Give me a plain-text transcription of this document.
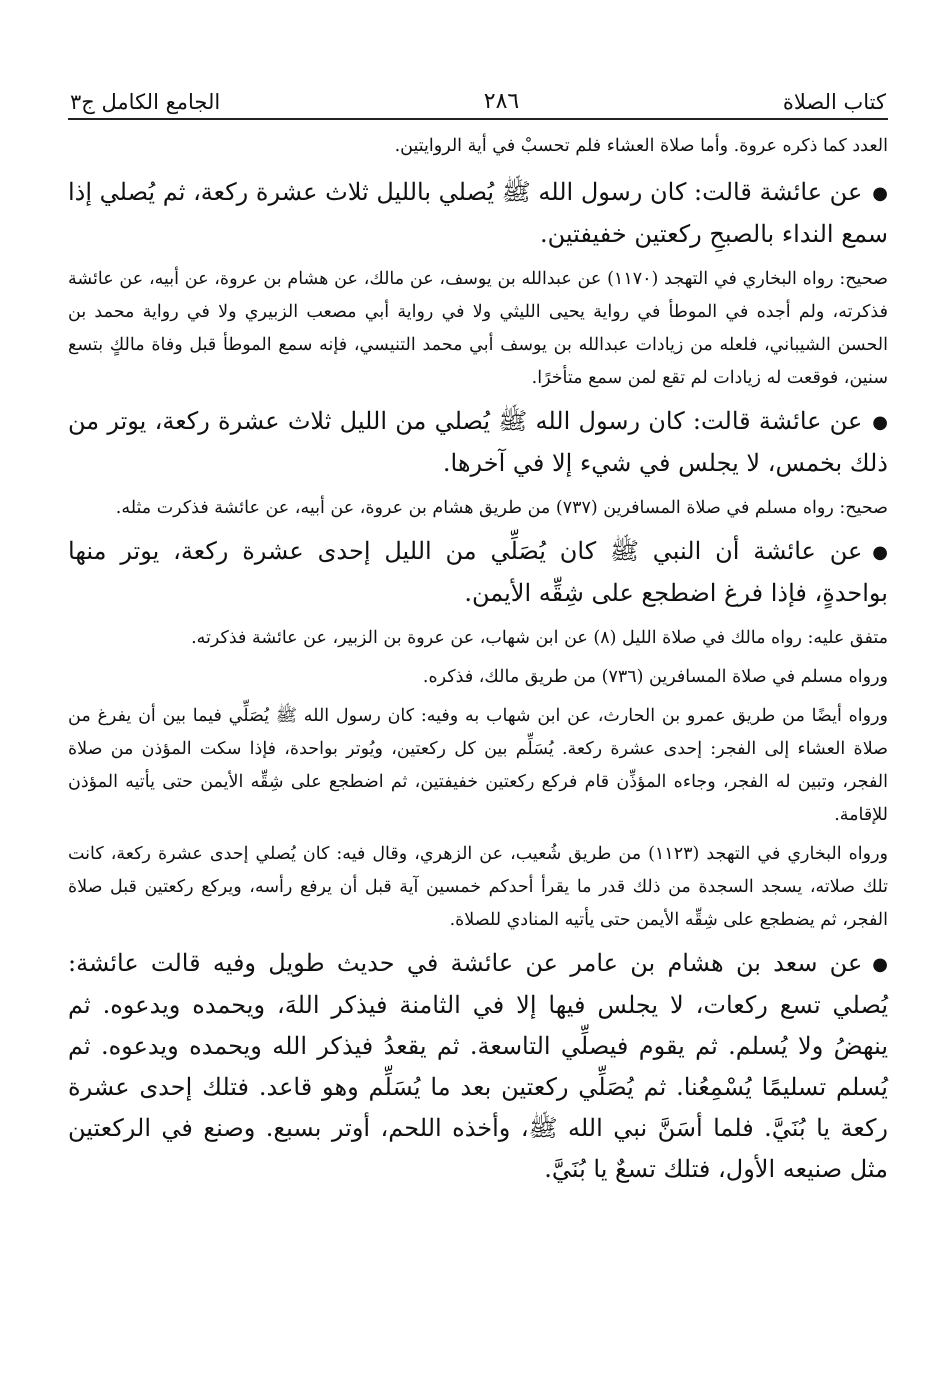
كتاب الصلاة
٢٨٦
الجامع الكامل ج٣

العدد كما ذكره عروة. وأما صلاة العشاء فلم تحسبْ في أية الروايتين.

●عن عائشة قالت: كان رسول الله ﷺ يُصلي بالليل ثلاث عشرة ركعة، ثم يُصلي إذا سمع النداء بالصبحِ ركعتين خفيفتين.

صحيح: رواه البخاري في التهجد (١١٧٠) عن عبدالله بن يوسف، عن مالك، عن هشام بن عروة، عن أبيه، عن عائشة فذكرته، ولم أجده في الموطأ في رواية يحيى الليثي ولا في رواية أبي مصعب الزبيري ولا في رواية محمد بن الحسن الشيباني، فلعله من زيادات عبدالله بن يوسف أبي محمد التنيسي، فإنه سمع الموطأ قبل وفاة مالكٍ بتسع سنين، فوقعت له زيادات لم تقع لمن سمع متأخرًا.

●عن عائشة قالت: كان رسول الله ﷺ يُصلي من الليل ثلاث عشرة ركعة، يوتر من ذلك بخمس، لا يجلس في شيء إلا في آخرها.

صحيح: رواه مسلم في صلاة المسافرين (٧٣٧) من طريق هشام بن عروة، عن أبيه، عن عائشة فذكرت مثله.

●عن عائشة أن النبي ﷺ كان يُصَلِّي من الليل إحدى عشرة ركعة، يوتر منها بواحدةٍ، فإذا فرغ اضطجع على شِقِّه الأيمن.

متفق عليه: رواه مالك في صلاة الليل (٨) عن ابن شهاب، عن عروة بن الزبير، عن عائشة فذكرته.

ورواه مسلم في صلاة المسافرين (٧٣٦) من طريق مالك، فذكره.

ورواه أيضًا من طريق عمرو بن الحارث، عن ابن شهاب به وفيه: كان رسول الله ﷺ يُصَلِّي فيما بين أن يفرغ من صلاة العشاء إلى الفجر: إحدى عشرة ركعة. يُسَلِّم بين كل ركعتين، ويُوتر بواحدة، فإذا سكت المؤذن من صلاة الفجر، وتبين له الفجر، وجاءه المؤذِّن قام فركع ركعتين خفيفتين، ثم اضطجع على شِقِّه الأيمن حتى يأتيه المؤذن للإقامة.

ورواه البخاري في التهجد (١١٢٣) من طريق شُعيب، عن الزهري، وقال فيه: كان يُصلي إحدى عشرة ركعة، كانت تلك صلاته، يسجد السجدة من ذلك قدر ما يقرأ أحدكم خمسين آية قبل أن يرفع رأسه، ويركع ركعتين قبل صلاة الفجر، ثم يضطجع على شِقِّه الأيمن حتى يأتيه المنادي للصلاة.

●عن سعد بن هشام بن عامر عن عائشة في حديث طويل وفيه قالت عائشة: يُصلي تسع ركعات، لا يجلس فيها إلا في الثامنة فيذكر اللهَ، ويحمده ويدعوه. ثم ينهضُ ولا يُسلم. ثم يقوم فيصلِّي التاسعة. ثم يقعدُ فيذكر الله ويحمده ويدعوه. ثم يُسلم تسليمًا يُسْمِعُنا. ثم يُصَلِّي ركعتين بعد ما يُسَلِّم وهو قاعد. فتلك إحدى عشرة ركعة يا بُنَيَّ. فلما أسَنَّ نبي الله ﷺ، وأخذه اللحم، أوتر بسبع. وصنع في الركعتين مثل صنيعه الأول، فتلك تسعٌ يا بُنَيَّ.
